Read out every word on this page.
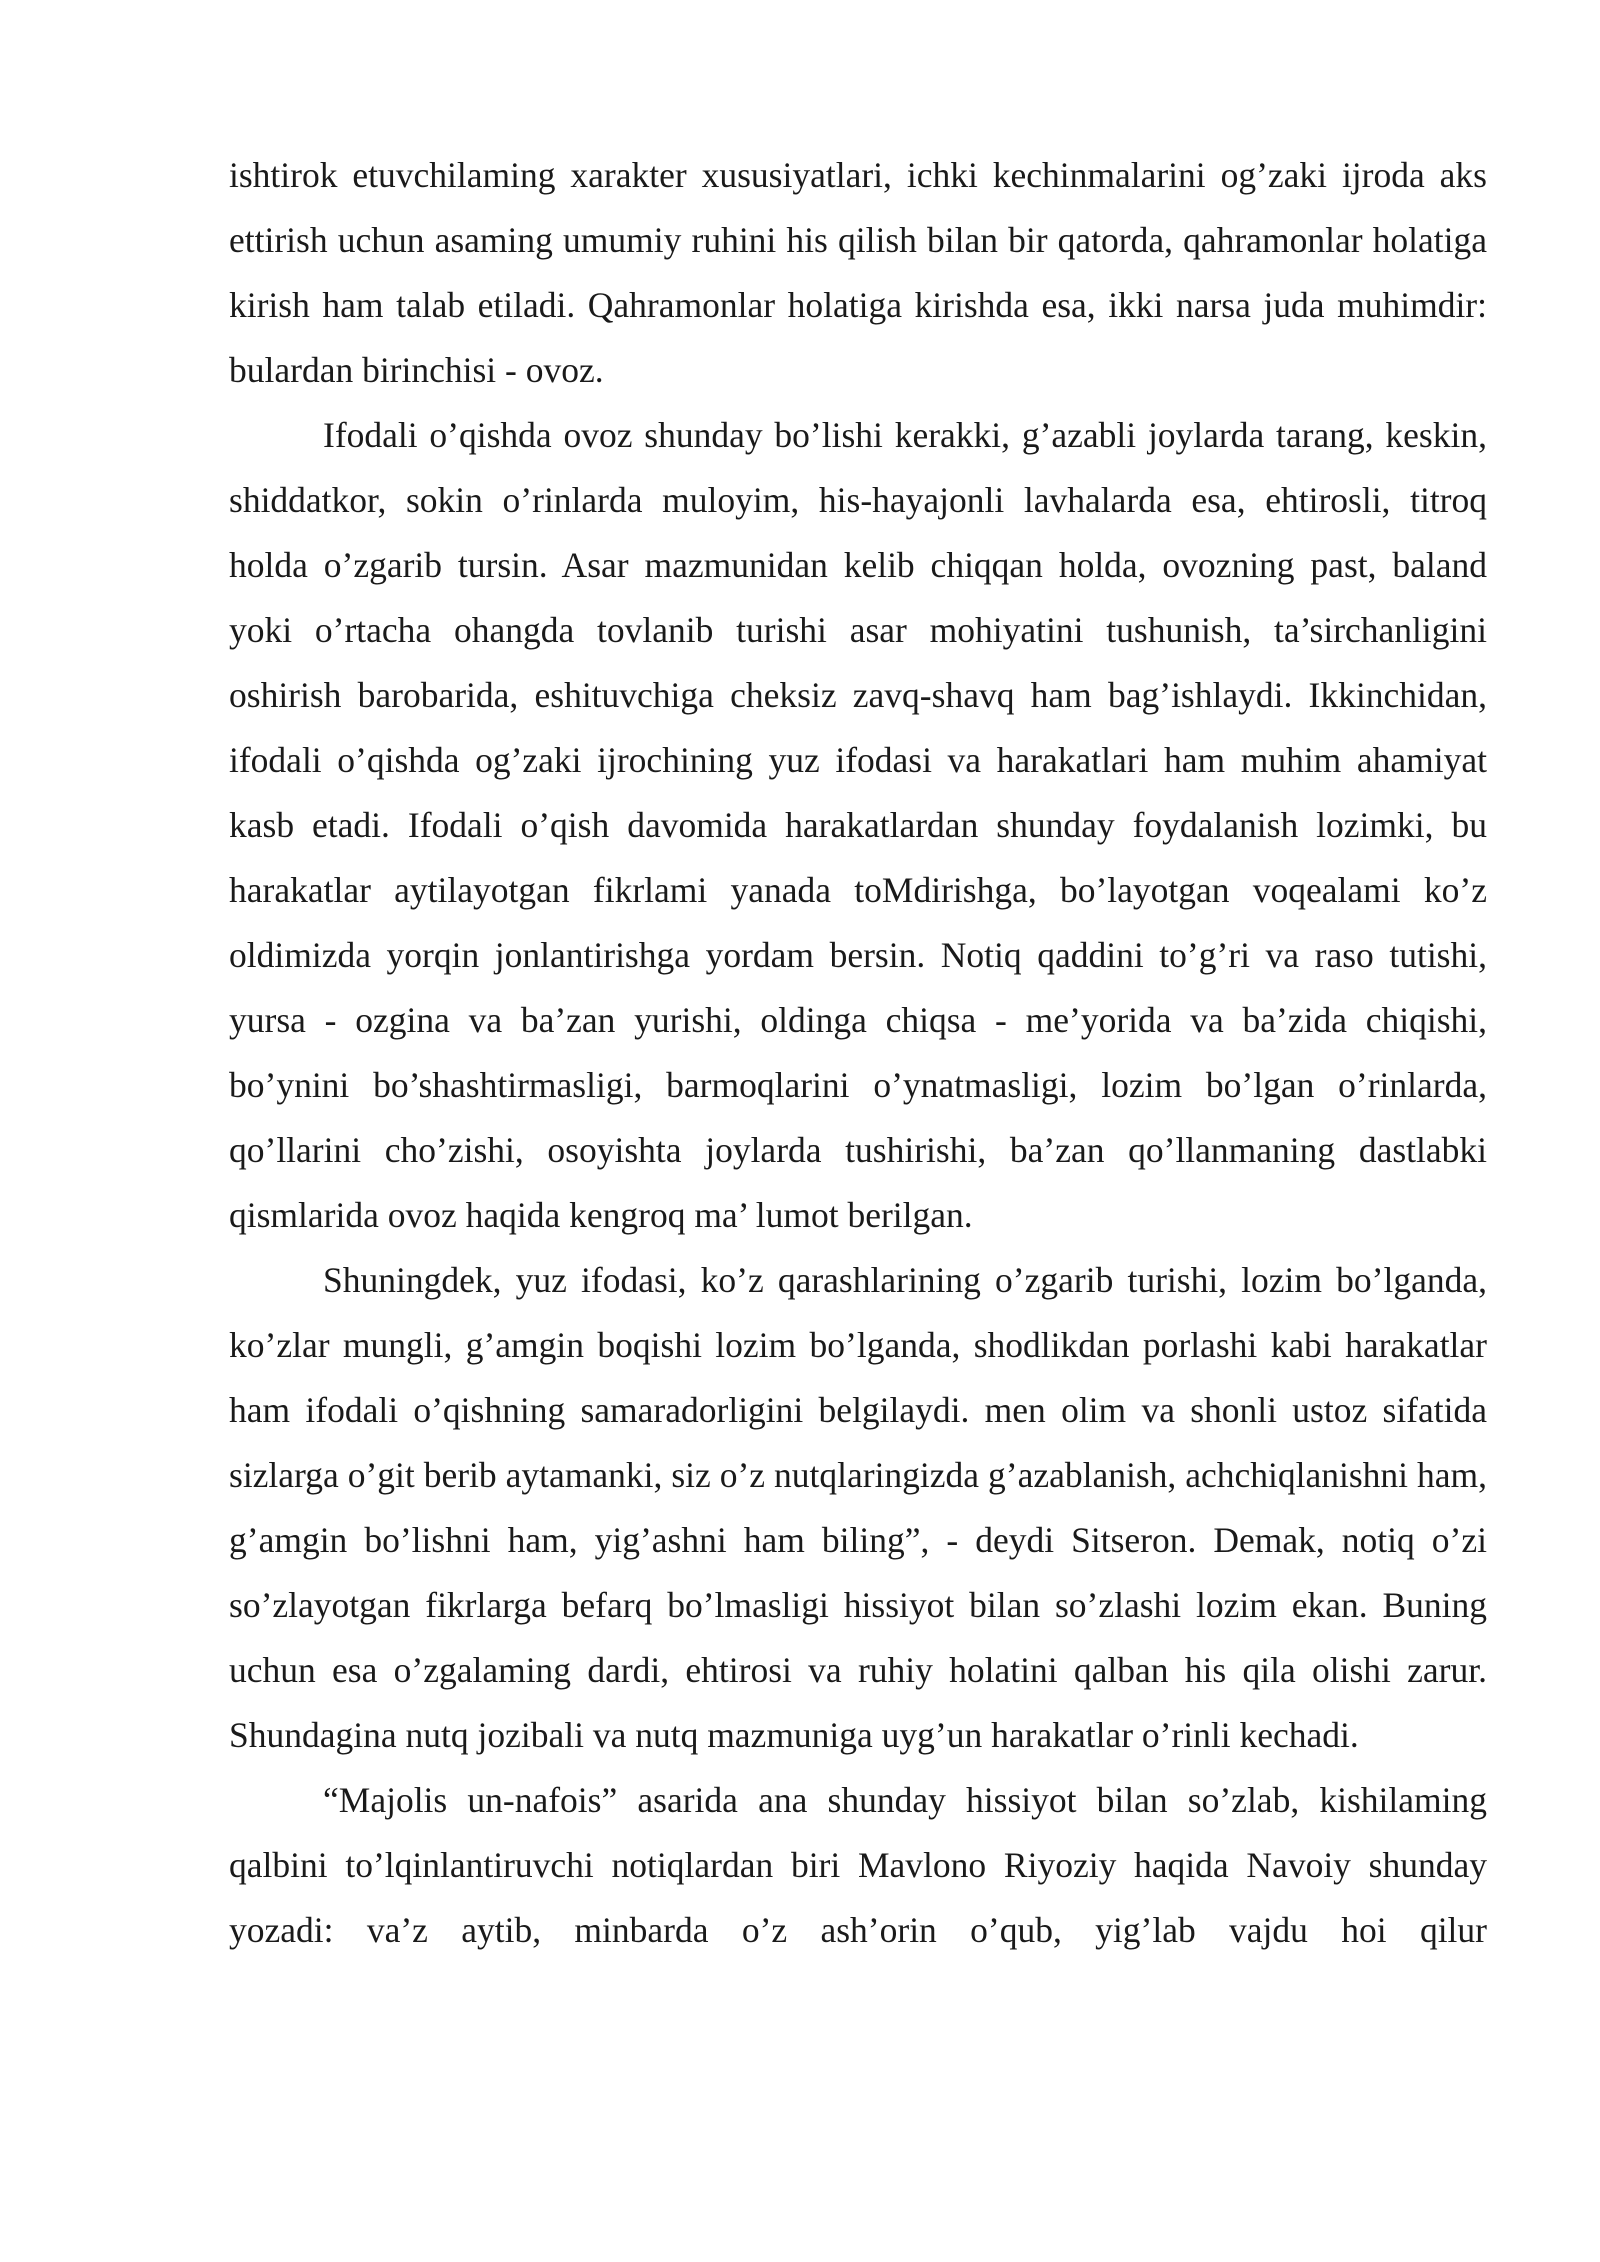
ishtirok etuvchilaming xarakter xususiyatlari, ichki kechinmalarini og’zaki ijroda aks ettirish uchun asaming umumiy ruhini his qilish bilan bir qatorda, qahramonlar holatiga kirish ham talab etiladi. Qahramonlar holatiga kirishda esa, ikki narsa juda muhimdir: bulardan birinchisi - ovoz.

Ifodali o’qishda ovoz shunday bo’lishi kerakki, g’azabli joylarda tarang, keskin, shiddatkor, sokin o’rinlarda muloyim, his-hayajonli lavhalarda esa, ehtirosli, titroq holda o’zgarib tursin. Asar mazmunidan kelib chiqqan holda, ovozning past, baland yoki o’rtacha ohangda tovlanib turishi asar mohiyatini tushunish, ta’sirchanligini oshirish barobarida, eshituvchiga cheksiz zavq-shavq ham bag’ishlaydi. Ikkinchidan, ifodali o’qishda og’zaki ijrochining yuz ifodasi va harakatlari ham muhim ahamiyat kasb etadi. Ifodali o’qish davomida harakatlardan shunday foydalanish lozimki, bu harakatlar aytilayotgan fikrlami yanada toMdirishga, bo’layotgan voqealami ko’z oldimizda yorqin jonlantirishga yordam bersin. Notiq qaddini to’g’ri va raso tutishi, yursa - ozgina va ba’zan yurishi, oldinga chiqsa - me’yorida va ba’zida chiqishi, bo’ynini bo’shashtirmasligi, barmoqlarini o’ynatmasligi, lozim bo’lgan o’rinlarda, qo’llarini cho’zishi, osoyishta joylarda tushirishi, ba’zan qo’llanmaning dastlabki qismlarida ovoz haqida kengroq ma’ lumot berilgan.

Shuningdek, yuz ifodasi, ko’z qarashlarining o’zgarib turishi, lozim bo’lganda, ko’zlar mungli, g’amgin boqishi lozim bo’lganda, shodlikdan porlashi kabi harakatlar ham ifodali o’qishning samaradorligini belgilaydi. men olim va shonli ustoz sifatida sizlarga o’git berib aytamanki, siz o’z nutqlaringizda g’azablanish, achchiqlanishni ham, g’amgin bo’lishni ham, yig’ashni ham biling”, - deydi Sitseron. Demak, notiq o’zi so’zlayotgan fikrlarga befarq bo’lmasligi hissiyot bilan so’zlashi lozim ekan. Buning uchun esa o’zgalaming dardi, ehtirosi va ruhiy holatini qalban his qila olishi zarur. Shundagina nutq jozibali va nutq mazmuniga uyg’un harakatlar o’rinli kechadi.

“Majolis un-nafois” asarida ana shunday hissiyot bilan so’zlab, kishilaming qalbini to’lqinlantiruvchi notiqlardan biri Mavlono Riyoziy haqida Navoiy shunday yozadi: va’z aytib, minbarda o’z ash’orin o’qub, yig’lab vajdu hoi qilur
